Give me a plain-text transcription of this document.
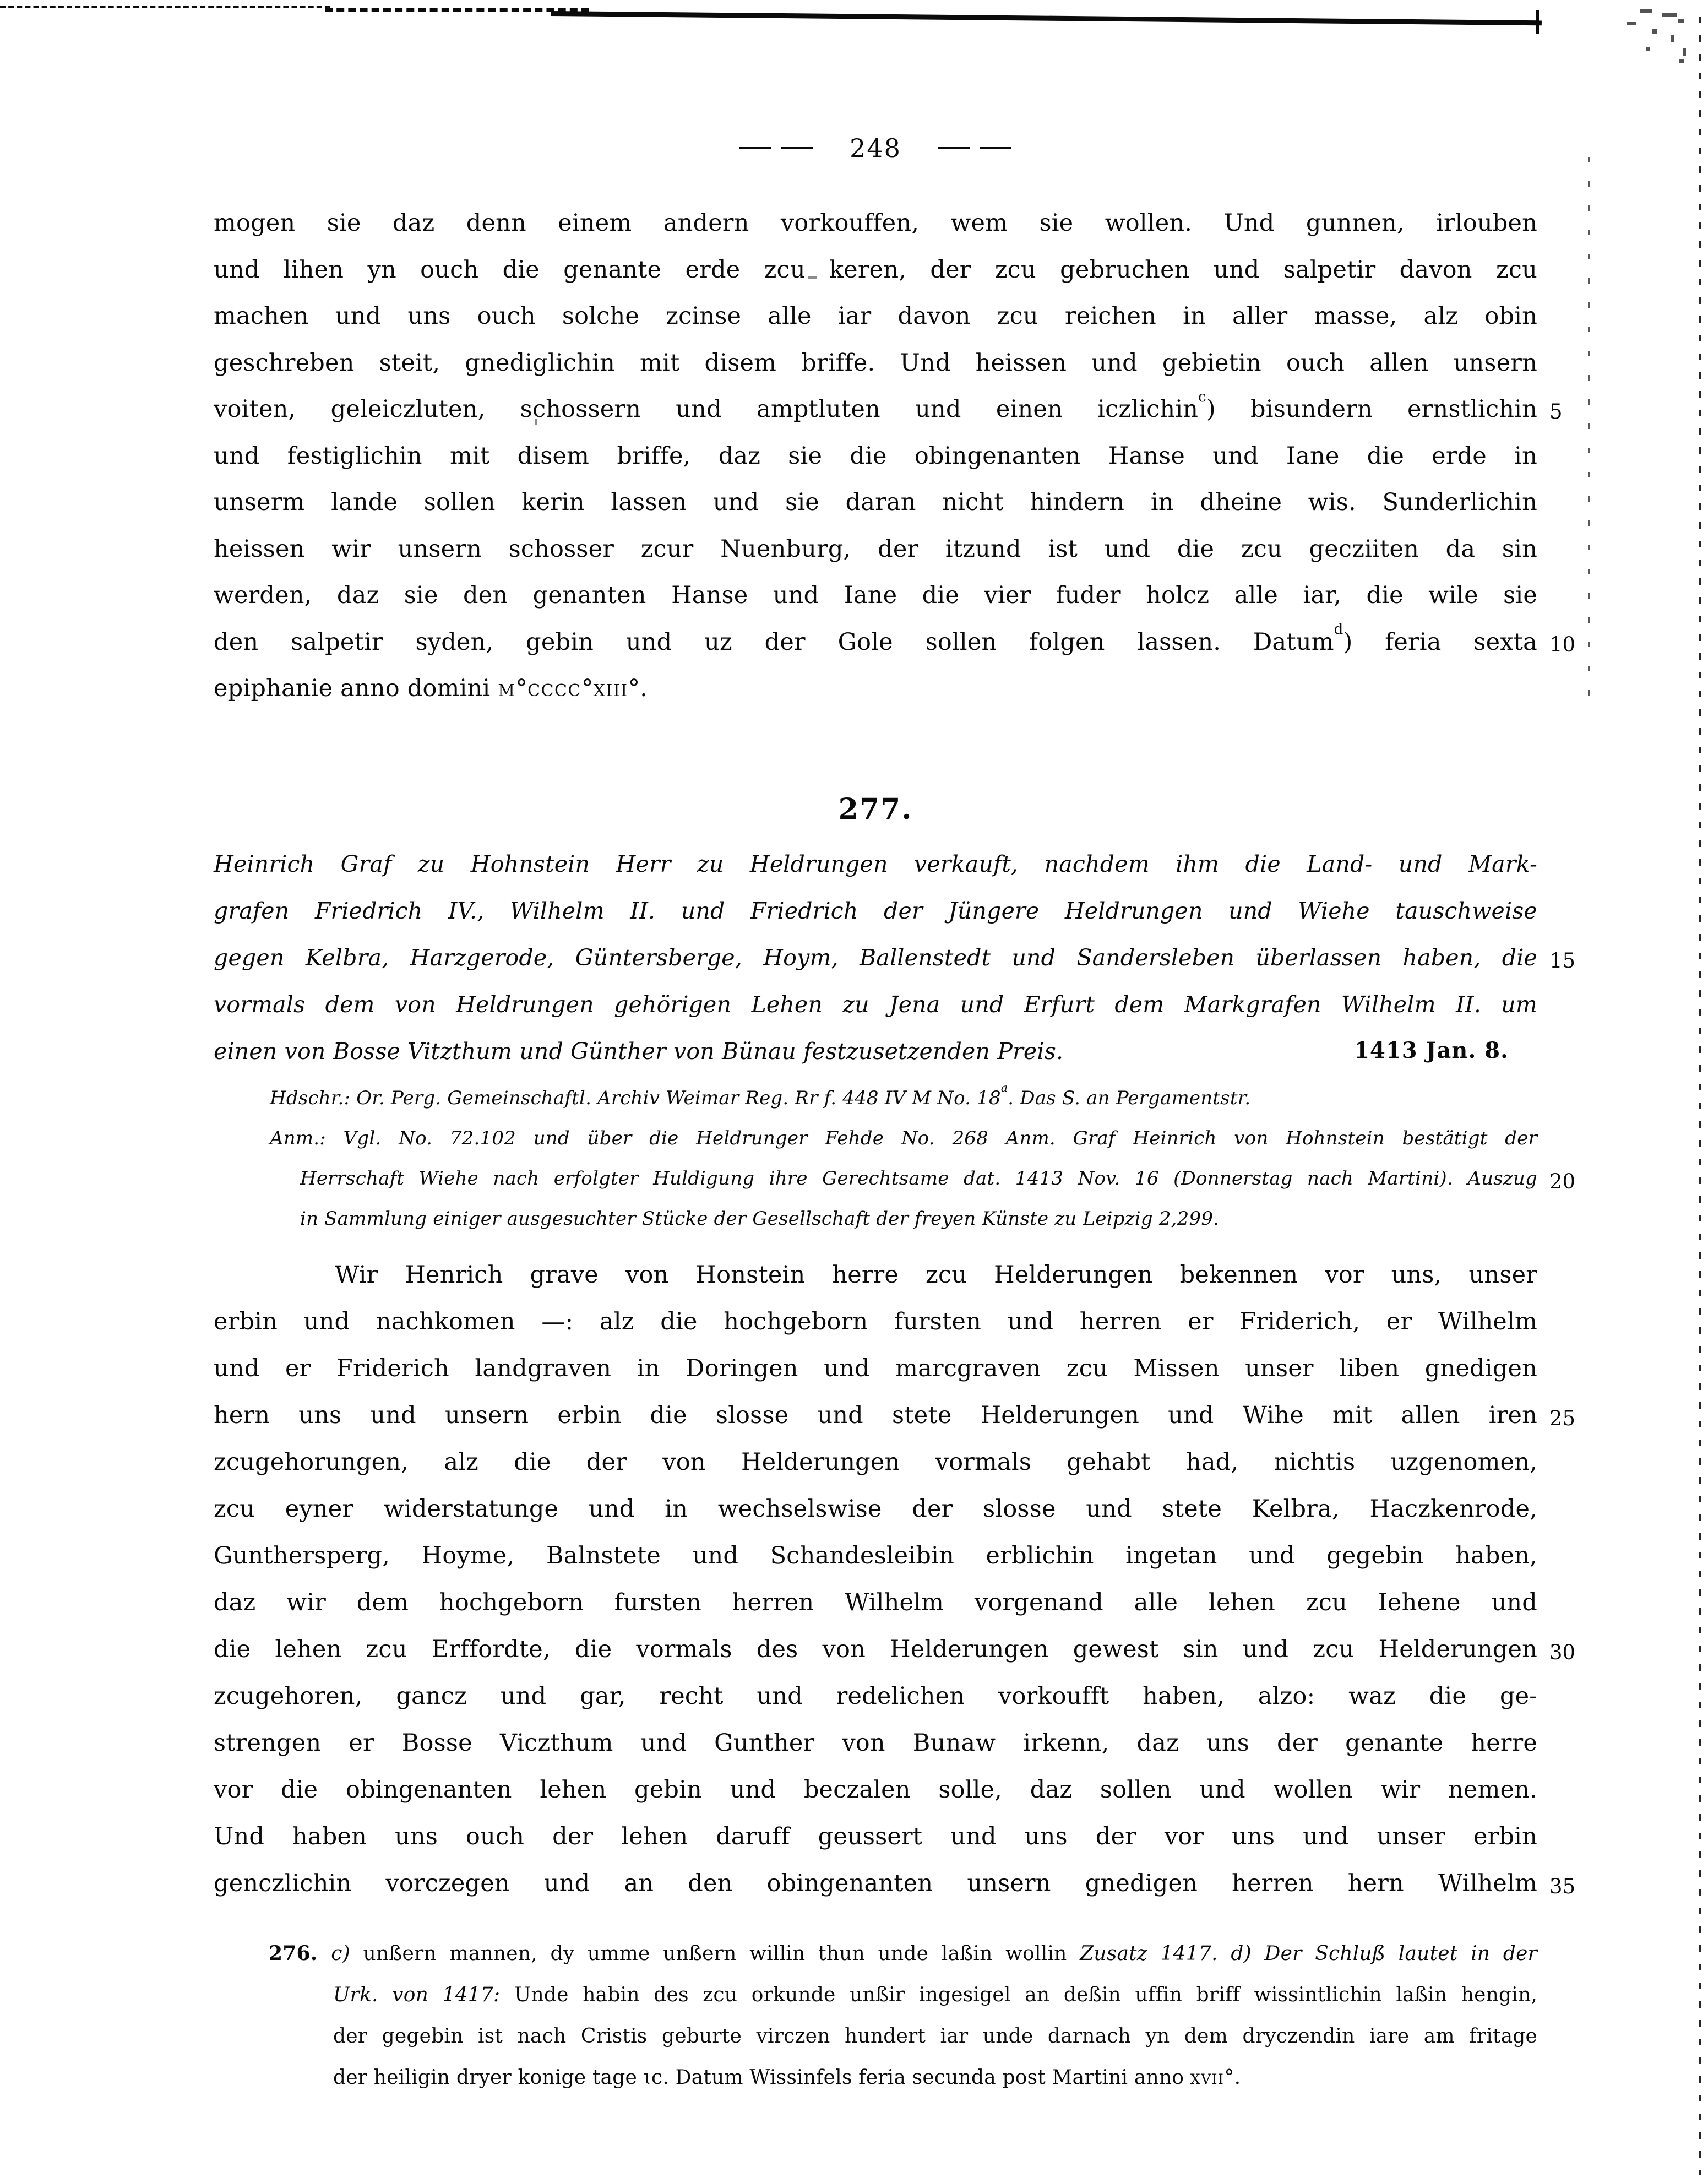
248
mogen sie daz denn einem andern vorkouffen, wem sie wollen. Und gunnen, irlouben
und lihen yn ouch die genante erde zcu keren, der zcu gebruchen und salpetir davon zcu
machen und uns ouch solche zcinse alle iar davon zcu reichen in aller masse, alz obin
geschreben steit, gnediglichin mit disem briffe. Und heissen und gebietin ouch allen unsern
voiten, geleiczluten, schossern und amptluten und einen iczlichin$^c$) bisundern ernstlichin 5
und festiglichin mit disem briffe, daz sie die obingenanten Hanse und Iane die erde in
unserm lande sollen kerin lassen und sie daran nicht hindern in dheine wis. Sunderlichin
heissen wir unsern schosser zcur Nuenburg, der itzund ist und die zcu gecziiten da sin
werden, daz sie den genanten Hanse und Iane die vier fuder holcz alle iar, die wile sie
den salpetir syden, gebin und uz der Gole sollen folgen lassen. Datum$^d$) feria sexta 10
epiphanie anno domini m°cccc°xiii°.
277.
Heinrich Graf zu Hohnstein Herr zu Heldrungen verkauft, nachdem ihm die Land- und Mark-
grafen Friedrich IV., Wilhelm II. und Friedrich der Jüngere Heldrungen und Wiehe tauschweise
gegen Kelbra, Harzgerode, Güntersberge, Hoym, Ballenstedt und Sandersleben überlassen haben, die 15
vormals dem von Heldrungen gehörigen Lehen zu Jena und Erfurt dem Markgrafen Wilhelm II. um
einen von Bosse Vitzthum und Günther von Bünau festzusetzenden Preis.	1413 Jan. 8.
Hdschr.: Or. Perg. Gemeinschaftl. Archiv Weimar Reg. Rr f. 448 IV M No. 18$^a$. Das S. an Pergamentstr.
Anm.: Vgl. No. 72.102 und über die Heldrunger Fehde No. 268 Anm. Graf Heinrich von Hohnstein bestätigt der
Herrschaft Wiehe nach erfolgter Huldigung ihre Gerechtsame dat. 1413 Nov. 16 (Donnerstag nach Martini). Auszug 20
in Sammlung einiger ausgesuchter Stücke der Gesellschaft der freyen Künste zu Leipzig 2,299.
Wir Henrich grave von Honstein herre zcu Helderungen bekennen vor uns, unser
erbin und nachkomen —: alz die hochgeborn fursten und herren er Friderich, er Wilhelm
und er Friderich landgraven in Doringen und marcgraven zcu Missen unser liben gnedigen
hern uns und unsern erbin die slosse und stete Helderungen und Wihe mit allen iren 25
zcugehorungen, alz die der von Helderungen vormals gehabt had, nichtis uzgenomen,
zcu eyner widerstatunge und in wechselswise der slosse und stete Kelbra, Haczkenrode,
Gunthersperg, Hoyme, Balnstete und Schandesleibin erblichin ingetan und gegebin haben,
daz wir dem hochgeborn fursten herren Wilhelm vorgenand alle lehen zcu Iehene und
die lehen zcu Erffordte, die vormals des von Helderungen gewest sin und zcu Helderungen 30
zcugehoren, gancz und gar, recht und redelichen vorkoufft haben, alzo: waz die ge-
strengen er Bosse Viczthum und Gunther von Bunaw irkenn, daz uns der genante herre
vor die obingenanten lehen gebin und beczalen solle, daz sollen und wollen wir nemen.
Und haben uns ouch der lehen daruff geussert und uns der vor uns und unser erbin
genczlichin vorczegen und an den obingenanten unsern gnedigen herren hern Wilhelm 35
276. c) unßern mannen, dy umme unßern willin thun unde laßin wollin Zusatz 1417. d) Der Schluß lautet in der
Urk. von 1417: Unde habin des zcu orkunde unßir ingesigel an deßin uffin briff wissintlichin laßin hengin,
der gegebin ist nach Cristis geburte virczen hundert iar unde darnach yn dem dryczendin iare am fritage
der heiligin dryer konige tage ɩc. Datum Wissinfels feria secunda post Martini anno xvii°.
